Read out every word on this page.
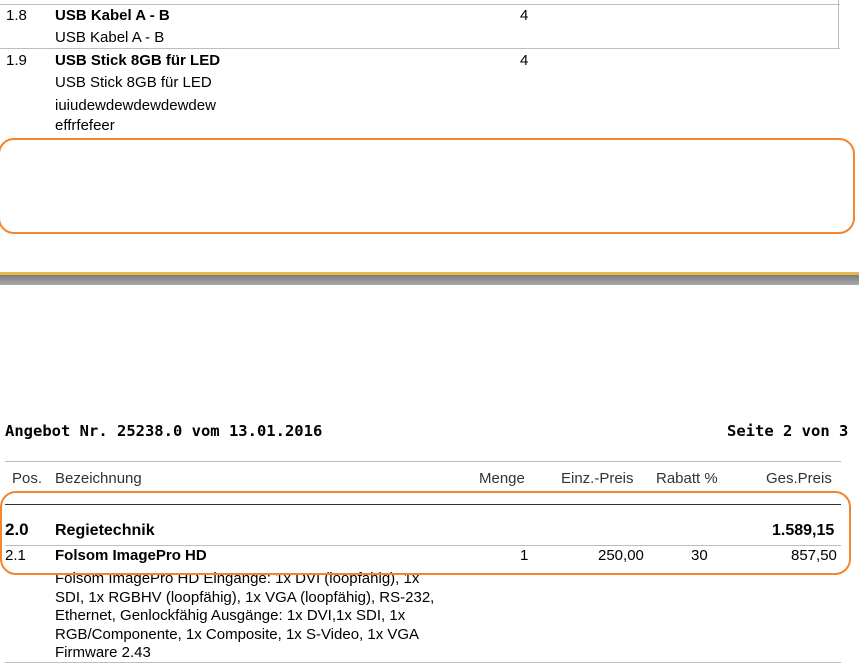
1.8 USB Kabel A - B	4
USB Kabel A - B
1.9 USB Stick 8GB für LED	4
USB Stick 8GB für LED
iuiudewdewdewdewdew
effrfefeer
Angebot Nr. 25238.0 vom 13.01.2016	Seite 2 von 3
Pos. Bezeichnung	Menge Einz.-Preis Rabatt %	Ges.Preis
2.0 Regietechnik	1.589,15
2.1 Folsom ImagePro HD	1	250,00	30	857,50
Folsom ImagePro HD Eingänge: 1x DVI (loopfähig), 1x
SDI, 1x RGBHV (loopfähig), 1x VGA (loopfähig), RS-232,
Ethernet, Genlockfähig Ausgänge: 1x DVI,1x SDI, 1x
RGB/Componente, 1x Composite, 1x S-Video, 1x VGA
Firmware 2.43
